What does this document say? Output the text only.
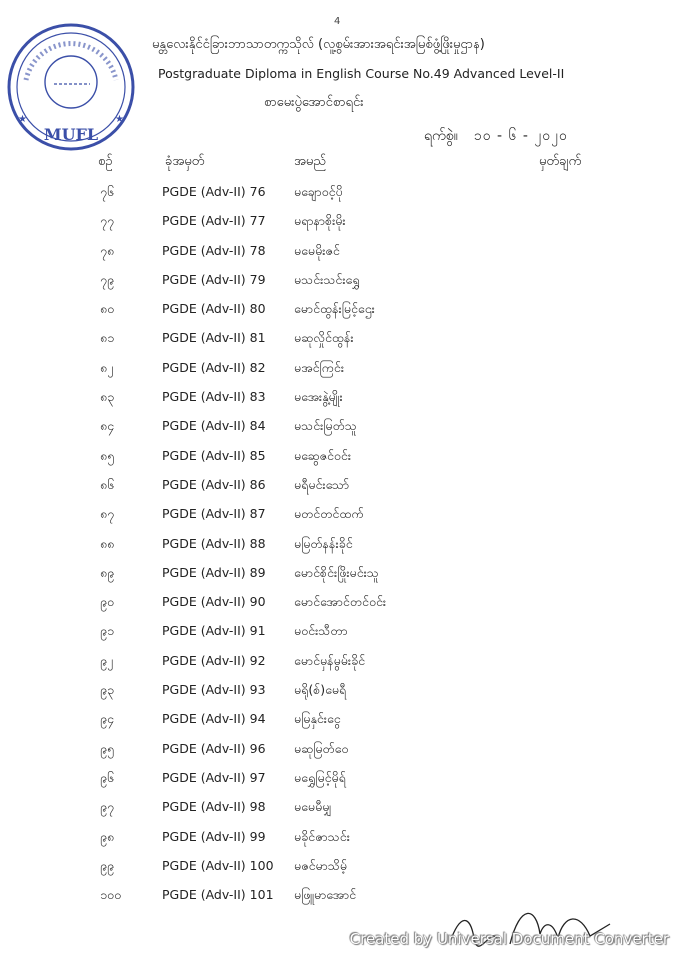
4
★	★
MUFL
မန္တလေးနိုင်ငံခြားဘာသာတက္ကသိုလ် (လူ့စွမ်းအားအရင်းအမြစ်ဖွံ့ဖြိုးမှုဌာန)
Postgraduate Diploma in English Course No.49 Advanced Level-II
စာမေးပွဲအောင်စာရင်း
ရက်စွဲ။ ၁၀ - ၆ - ၂၀၂၀
စဉ်	ခုံအမှတ်	အမည်	မှတ်ချက်
၇၆	PGDE (Adv-II) 76 မချောဝင့်ပို
၇၇	PGDE (Adv-II) 77 မရာနာစိုးမိုး
၇၈	PGDE (Adv-II) 78 မမေမိုးဇင်
၇၉	PGDE (Adv-II) 79 မသင်းသင်းရွှေ
၈၀	PGDE (Adv-II) 80 မောင်ထွန်းမြင့်ဌေး
၈၁	PGDE (Adv-II) 81 မဆုလှိုင်ထွန်း
၈၂	PGDE (Adv-II) 82 မအင်ကြင်း
၈၃	PGDE (Adv-II) 83 မအေးနွဲ့မျိုး
၈၄	PGDE (Adv-II) 84 မသင်းမြတ်သူ
၈၅	PGDE (Adv-II) 85 မဆွေဇင်ဝင်း
၈၆	PGDE (Adv-II) 86 မရီမင်းသော်
၈၇	PGDE (Adv-II) 87 မတင်တင်ထက်
၈၈	PGDE (Adv-II) 88 မမြတ်နန်းခိုင်
၈၉	PGDE (Adv-II) 89 မောင်စိုင်းဖြိုးမင်းသူ
၉၀	PGDE (Adv-II) 90 မောင်အောင်တင်ဝင်း
၉၁	PGDE (Adv-II) 91 မဝင်းသီတာ
၉၂	PGDE (Adv-II) 92 မောင်မှန်မွမ်းခိုင်
၉၃	PGDE (Adv-II) 93 မရို(စ်)မေရီ
၉၄	PGDE (Adv-II) 94 မမြနှင်းငွေ
၉၅	PGDE (Adv-II) 96 မဆုမြတ်ဝေ
၉၆	PGDE (Adv-II) 97 မရွှေမြင့်မိုရ်
၉၇	PGDE (Adv-II) 98 မမေမီမျှ
၉၈	PGDE (Adv-II) 99 မခိုင်ဇာသင်း
၉၉	PGDE (Adv-II) 100 မဇင်မာသိမ့်
၁၀၀	PGDE (Adv-II) 101 မဖြူမာအောင်
Created by Universal Document Converter
